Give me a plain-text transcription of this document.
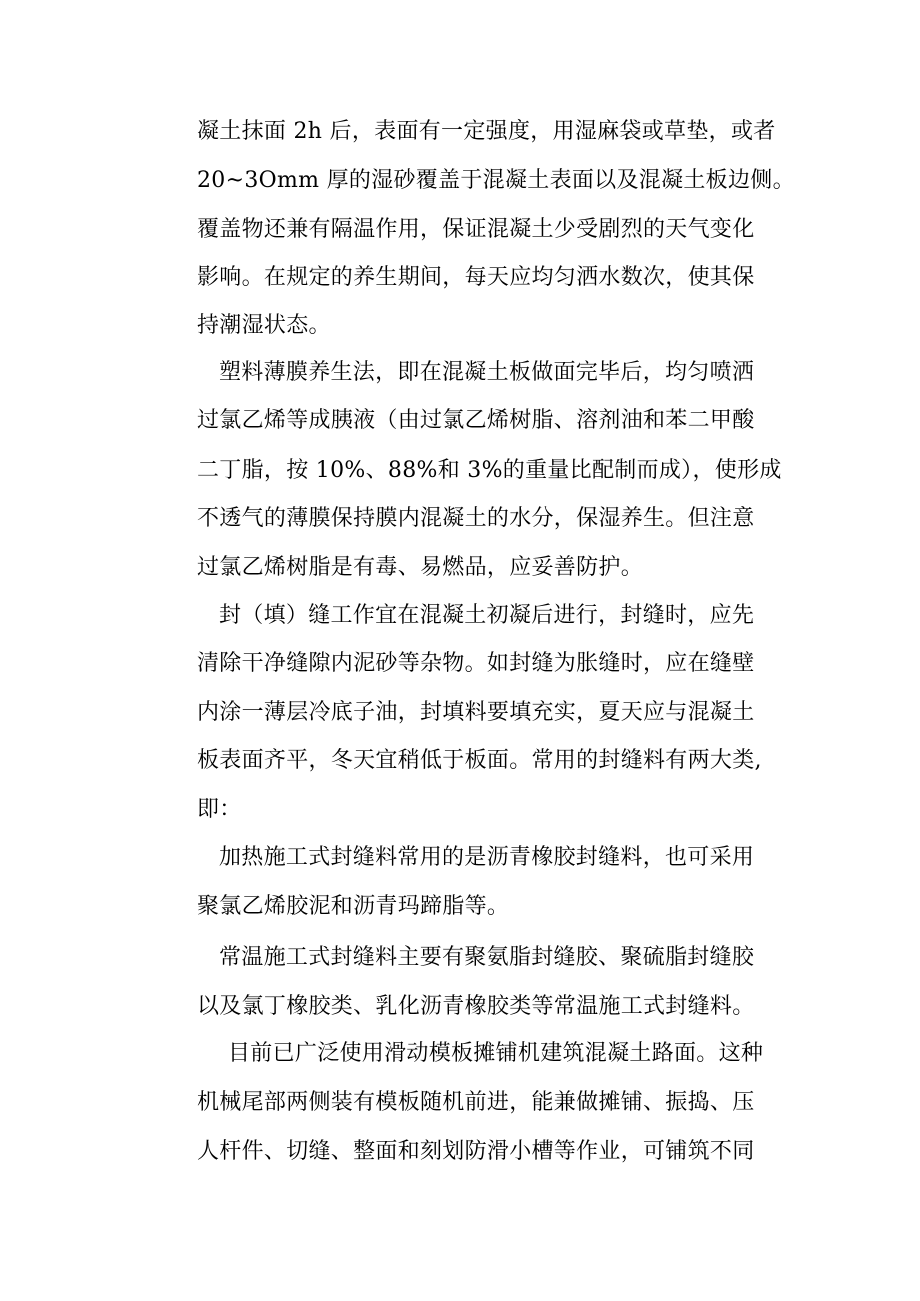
凝土抹面 2h 后，表面有一定强度，用湿麻袋或草垫，或者
20~3Omm 厚的湿砂覆盖于混凝土表面以及混凝土板边侧。
覆盖物还兼有隔温作用，保证混凝土少受剧烈的天气变化
影响。在规定的养生期间，每天应均匀洒水数次，使其保
持潮湿状态。
塑料薄膜养生法，即在混凝土板做面完毕后，均匀喷洒
过氯乙烯等成胰液（由过氯乙烯树脂、溶剂油和苯二甲酸
二丁脂，按 10%、88%和 3%的重量比配制而成），使形成
不透气的薄膜保持膜内混凝土的水分，保湿养生。但注意
过氯乙烯树脂是有毒、易燃品，应妥善防护。
封（填）缝工作宜在混凝土初凝后进行，封缝时，应先
清除干净缝隙内泥砂等杂物。如封缝为胀缝时，应在缝壁
内涂一薄层冷底子油，封填料要填充实，夏天应与混凝土
板表面齐平，冬天宜稍低于板面。常用的封缝料有两大类,
即：
加热施工式封缝料常用的是沥青橡胶封缝料，也可采用
聚氯乙烯胶泥和沥青玛蹄脂等。
常温施工式封缝料主要有聚氨脂封缝胶、聚硫脂封缝胶
以及氯丁橡胶类、乳化沥青橡胶类等常温施工式封缝料。
目前已广泛使用滑动模板摊铺机建筑混凝土路面。这种
机械尾部两侧装有模板随机前进，能兼做摊铺、振捣、压
人杆件、切缝、整面和刻划防滑小槽等作业，可铺筑不同
